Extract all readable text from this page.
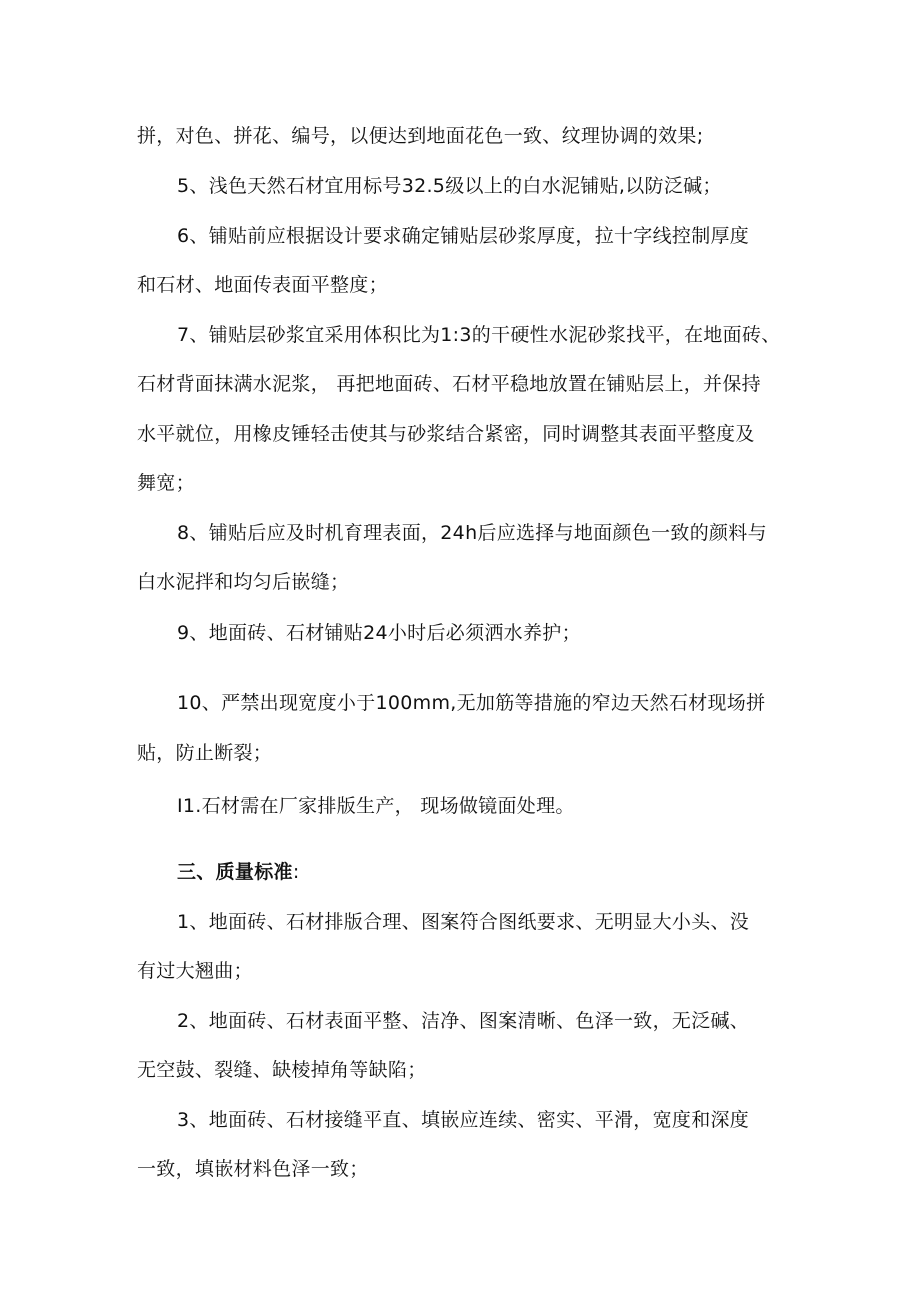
拼，对色、拼花、编号，以便达到地面花色一致、纹理协调的效果;
5、浅色天然石材宜用标号32.5级以上的白水泥铺贴,以防泛碱；
6、铺贴前应根据设计要求确定铺贴层砂浆厚度，拉十字线控制厚度
和石材、地面传表面平整度；
7、铺贴层砂浆宜采用体积比为1:3的干硬性水泥砂浆找平，在地面砖、
石材背面抹满水泥浆， 再把地面砖、石材平稳地放置在铺贴层上，并保持
水平就位，用橡皮锤轻击使其与砂浆结合紧密，同时调整其表面平整度及
舞宽；
8、铺贴后应及时机育理表面，24h后应选择与地面颜色一致的颜料与
白水泥拌和均匀后嵌缝；
9、地面砖、石材铺贴24小时后必须洒水养护；
10、严禁出现宽度小于100mm,无加筋等措施的窄边天然石材现场拼
贴，防止断裂；
I1.石材需在厂家排版生产， 现场做镜面处理。
三、质量标准:
1、地面砖、石材排版合理、图案符合图纸要求、无明显大小头、没
有过大翘曲；
2、地面砖、石材表面平整、洁净、图案清晰、色泽一致，无泛碱、
无空鼓、裂缝、缺棱掉角等缺陷；
3、地面砖、石材接缝平直、填嵌应连续、密实、平滑，宽度和深度
一致，填嵌材料色泽一致；
